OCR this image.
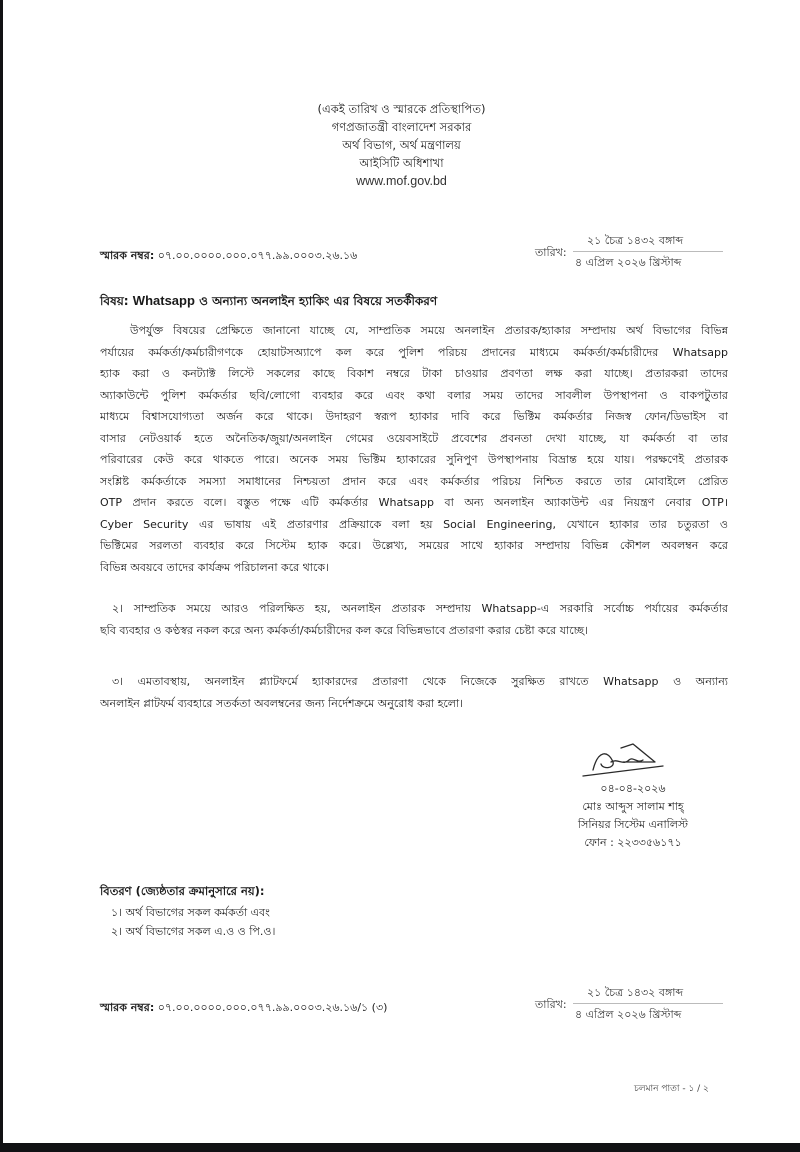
(একই তারিখ ও স্মারকে প্রতিস্থাপিত)
গণপ্রজাতন্ত্রী বাংলাদেশ সরকার
অর্থ বিভাগ, অর্থ মন্ত্রণালয়
আইসিটি অধিশাখা
www.mof.gov.bd
স্মারক নম্বর: ০৭.০০.০০০০.০০০.০৭৭.৯৯.০০০৩.২৬.১৬	তারিখ:
২১ চৈত্র ১৪৩২ বঙ্গাব্দ
৪ এপ্রিল ২০২৬ খ্রিস্টাব্দ
বিষয়: Whatsapp ও অন্যান্য অনলাইন হ্যাকিং এর বিষয়ে সতর্কীকরণ
উপর্যুক্ত বিষয়ের প্রেক্ষিতে জানানো যাচ্ছে যে, সাম্প্রতিক সময়ে অনলাইন প্রতারক/হ্যাকার সম্প্রদায় অর্থ বিভাগের বিভিন্ন
পর্যায়ের কর্মকর্তা/কর্মচারীগণকে হোয়াটসঅ্যাপে কল করে পুলিশ পরিচয় প্রদানের মাধ্যমে কর্মকর্তা/কর্মচারীদের Whatsapp
হ্যাক করা ও কনট্যাক্ট লিস্টে সকলের কাছে বিকাশ নম্বরে টাকা চাওয়ার প্রবণতা লক্ষ করা যাচ্ছে। প্রতারকরা তাদের
অ্যাকাউন্টে পুলিশ কর্মকর্তার ছবি/লোগো ব্যবহার করে এবং কথা বলার সময় তাদের সাবলীল উপস্থাপনা ও বাকপটুতার
মাধ্যমে বিশ্বাসযোগ্যতা অর্জন করে থাকে। উদাহরণ স্বরূপ হ্যাকার দাবি করে ভিক্টিম কর্মকর্তার নিজস্ব ফোন/ডিভাইস বা
বাসার নেটওয়ার্ক হতে অনৈতিক/জুয়া/অনলাইন গেমের ওয়েবসাইটে প্রবেশের প্রবনতা দেখা যাচ্ছে, যা কর্মকর্তা বা তার
পরিবারের কেউ করে থাকতে পারে। অনেক সময় ভিক্টিম হ্যাকারের সুনিপুণ উপস্থাপনায় বিভ্রান্ত হয়ে যায়। পরক্ষণেই প্রতারক
সংশ্লিষ্ট কর্মকর্তাকে সমস্যা সমাধানের নিশ্চয়তা প্রদান করে এবং কর্মকর্তার পরিচয় নিশ্চিত করতে তার মোবাইলে প্রেরিত
OTP প্রদান করতে বলে। বস্তুত পক্ষে এটি কর্মকর্তার Whatsapp বা অন্য অনলাইন অ্যাকাউন্ট এর নিয়ন্ত্রণ নেবার OTP।
Cyber Security এর ভাষায় এই প্রতারণার প্রক্রিয়াকে বলা হয় Social Engineering, যেখানে হ্যাকার তার চতুরতা ও
ভিক্টিমের সরলতা ব্যবহার করে সিস্টেম হ্যাক করে। উল্লেখ্য, সময়ের সাথে হ্যাকার সম্প্রদায় বিভিন্ন কৌশল অবলম্বন করে
বিভিন্ন অবয়বে তাদের কার্যক্রম পরিচালনা করে থাকে।
২। সাম্প্রতিক সময়ে আরও পরিলক্ষিত হয়, অনলাইন প্রতারক সম্প্রদায় Whatsapp-এ সরকারি সর্বোচ্চ পর্যায়ের কর্মকর্তার
ছবি ব্যবহার ও কণ্ঠস্বর নকল করে অন্য কর্মকর্তা/কর্মচারীদের কল করে বিভিন্নভাবে প্রতারণা করার চেষ্টা করে যাচ্ছে।
৩। এমতাবস্থায়, অনলাইন প্ল্যাটফর্মে হ্যাকারদের প্রতারণা থেকে নিজেকে সুরক্ষিত রাখতে Whatsapp ও অন্যান্য
অনলাইন প্লাটফর্ম ব্যবহারে সতর্কতা অবলম্বনের জন্য নির্দেশক্রমে অনুরোধ করা হলো।
০৪-০৪-২০২৬
মোঃ আব্দুস সালাম শাহ্
সিনিয়র সিস্টেম এনালিস্ট
ফোন : ২২৩৩৫৬১৭১
বিতরণ (জ্যেষ্ঠতার ক্রমানুসারে নয়):
১। অর্থ বিভাগের সকল কর্মকর্তা এবং
২। অর্থ বিভাগের সকল এ.ও ও পি.ও।
স্মারক নম্বর: ০৭.০০.০০০০.০০০.০৭৭.৯৯.০০০৩.২৬.১৬/১ (৩)	তারিখ:
২১ চৈত্র ১৪৩২ বঙ্গাব্দ
৪ এপ্রিল ২০২৬ খ্রিস্টাব্দ
চলমান পাতা - ১ / ২
